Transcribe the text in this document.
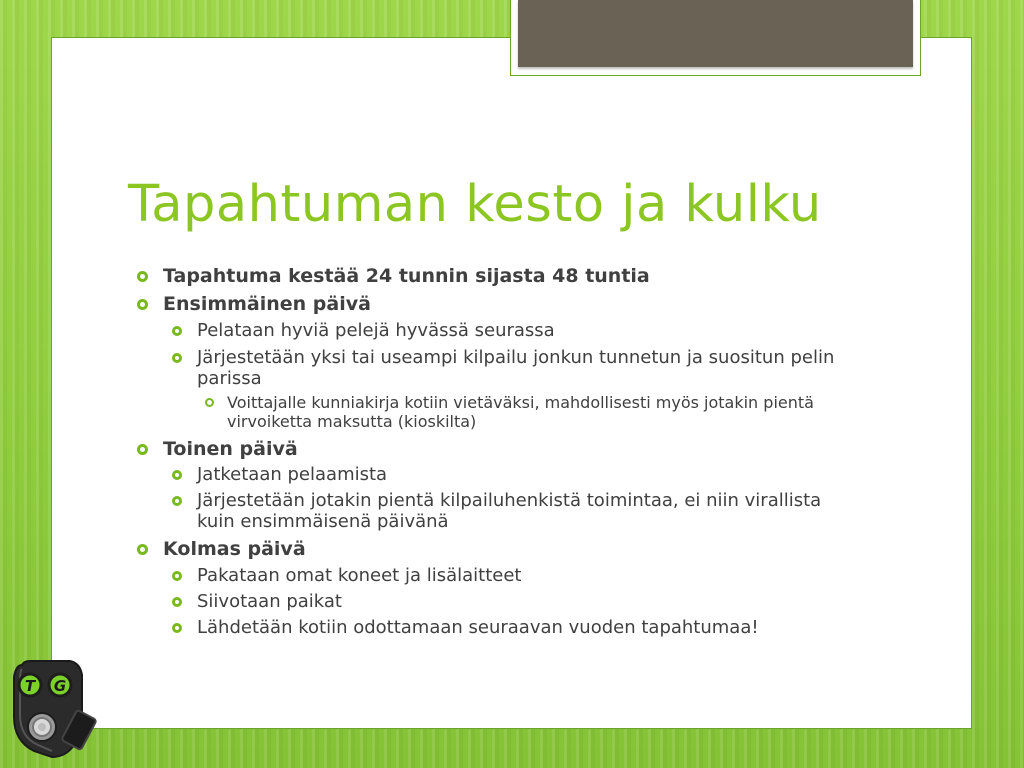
Tapahtuman kesto ja kulku
Tapahtuma kestää 24 tunnin sijasta 48 tuntia
Ensimmäinen päivä
Pelataan hyviä pelejä hyvässä seurassa
Järjestetään yksi tai useampi kilpailu jonkun tunnetun ja suositun pelin parissa
Voittajalle kunniakirja kotiin vietäväksi, mahdollisesti myös jotakin pientä virvoiketta maksutta (kioskilta)
Toinen päivä
Jatketaan pelaamista
Järjestetään jotakin pientä kilpailuhenkistä toimintaa, ei niin virallista kuin ensimmäisenä päivänä
Kolmas päivä
Pakataan omat koneet ja lisälaitteet
Siivotaan paikat
Lähdetään kotiin odottamaan seuraavan vuoden tapahtumaa!
T G
